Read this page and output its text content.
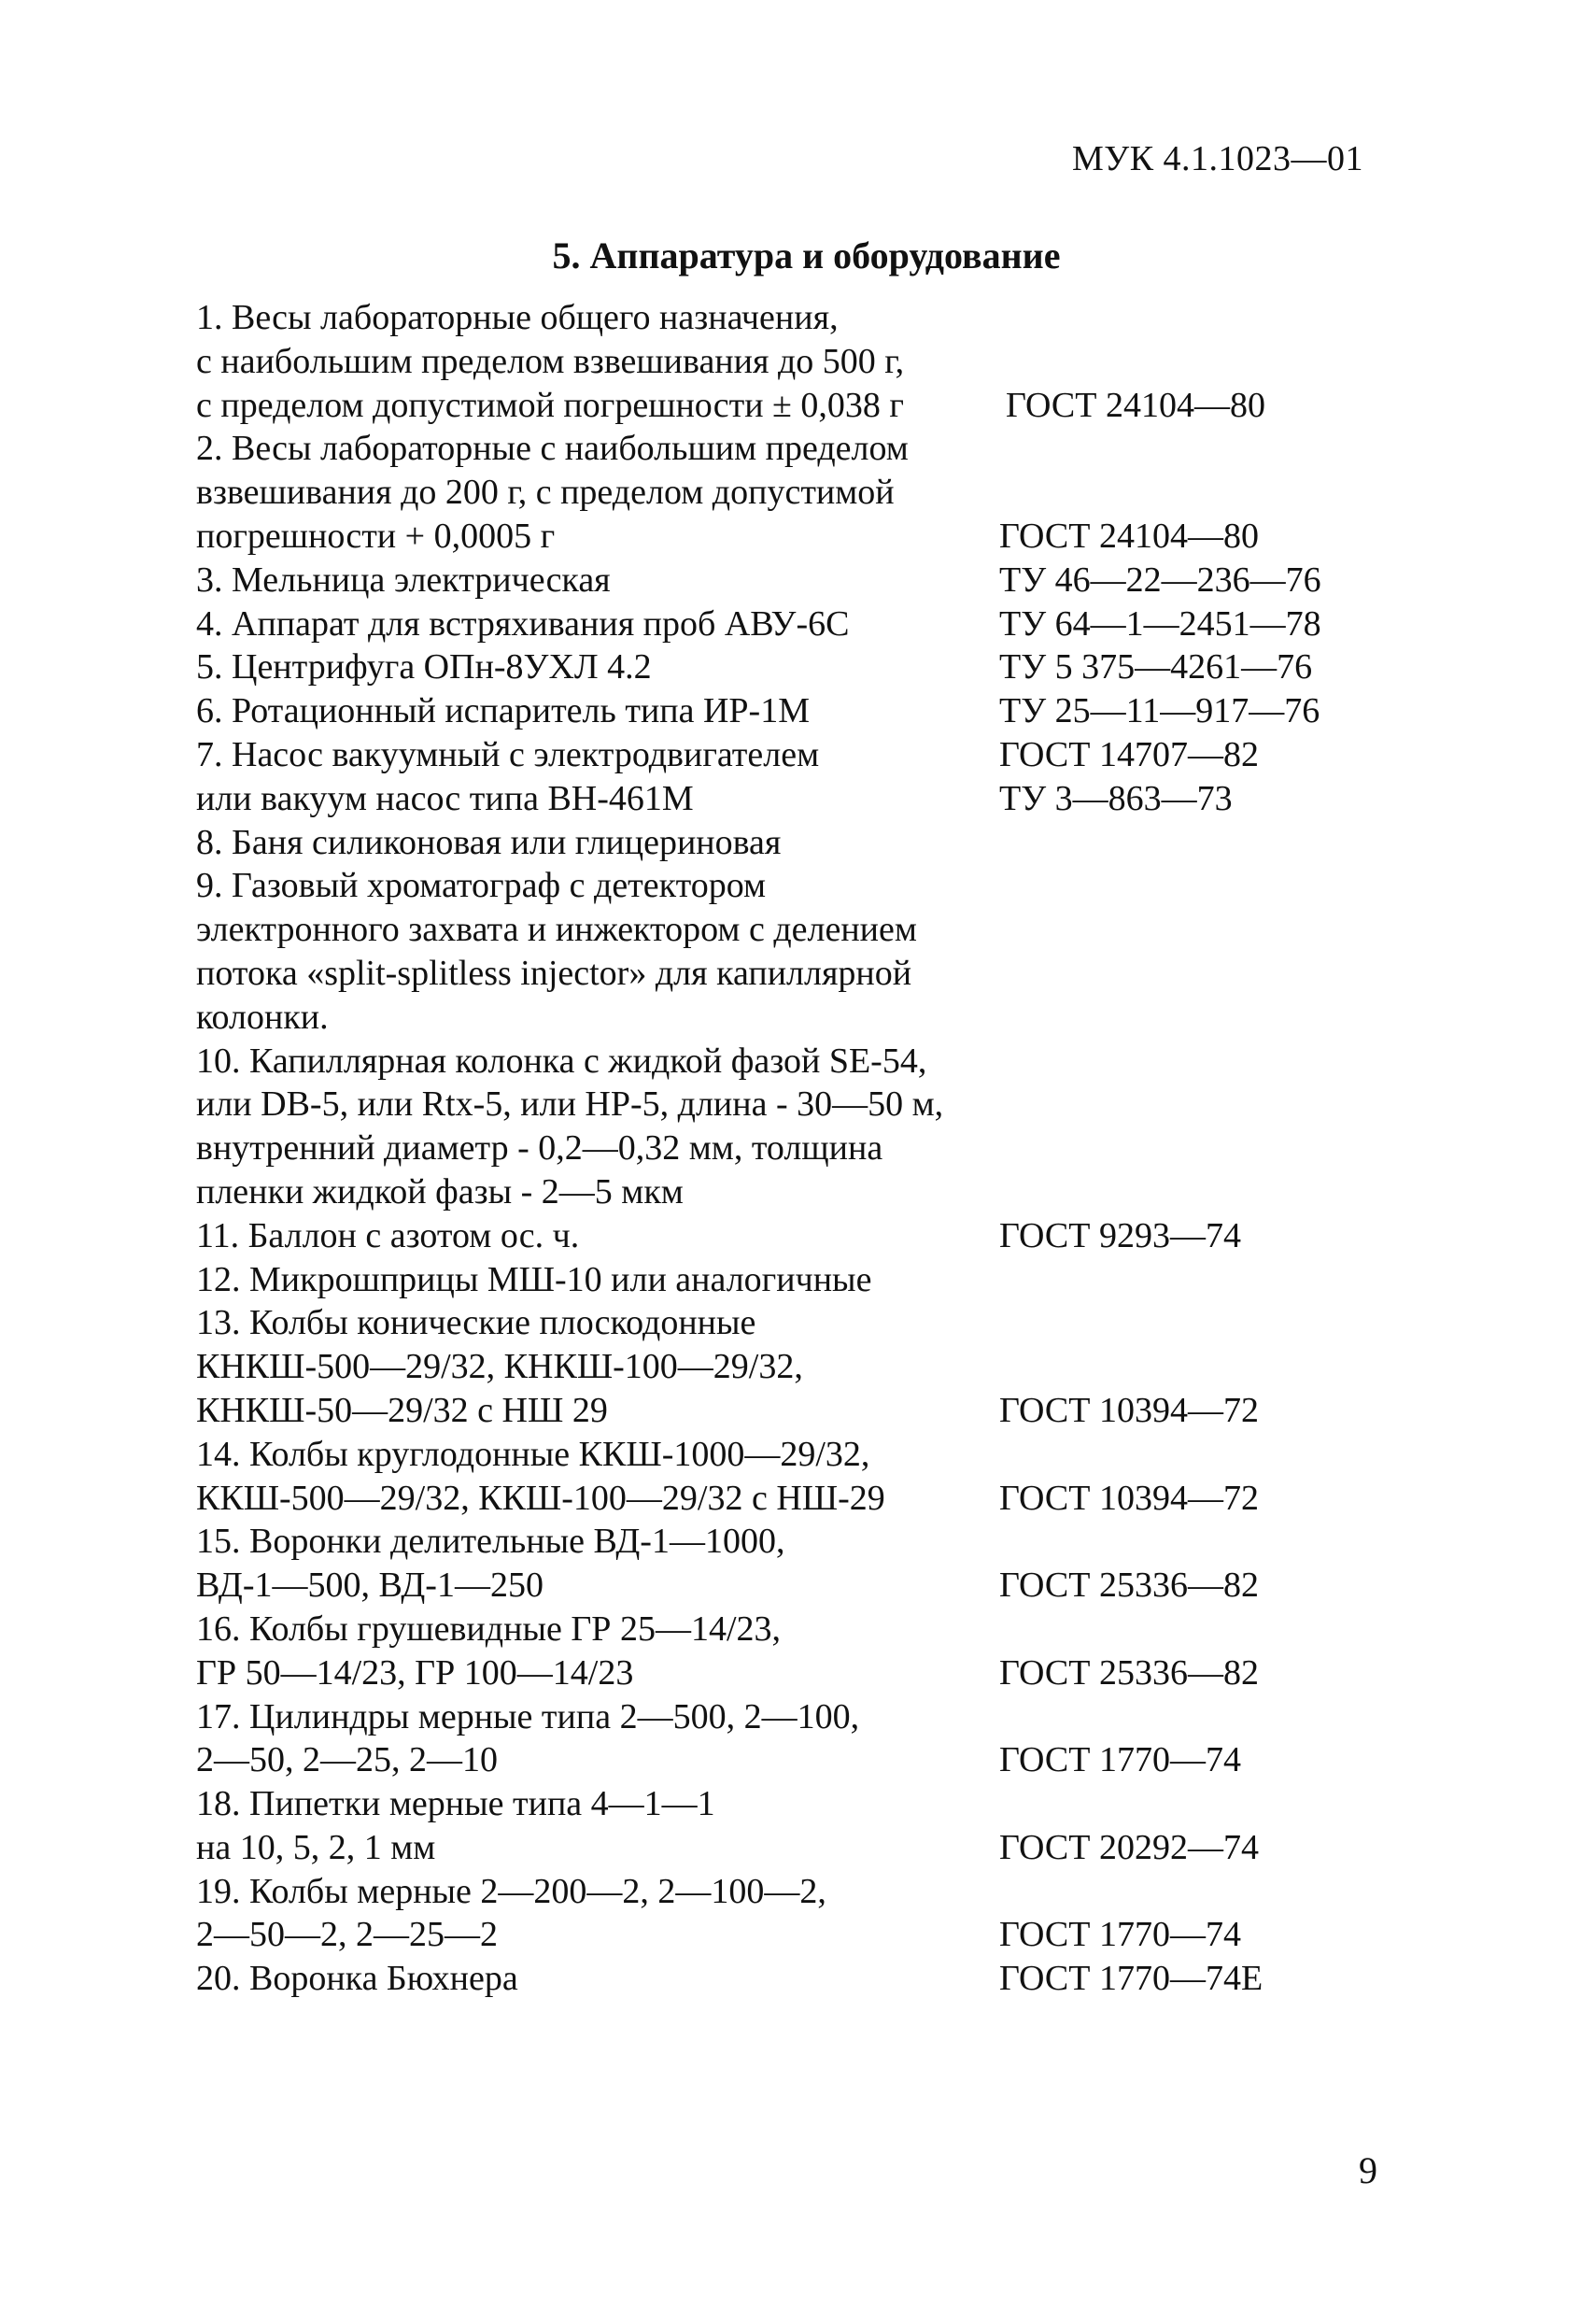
МУК 4.1.1023—01
5. Аппаратура и оборудование
1. Весы лабораторные общего назначения,
с наибольшим пределом взвешивания до 500 г,
с пределом допустимой погрешности ± 0,038 г	ГОСТ 24104—80
2. Весы лабораторные с наибольшим пределом
взвешивания до 200 г, с пределом допустимой
погрешности + 0,0005 г	ГОСТ 24104—80
3. Мельница электрическая	ТУ 46—22—236—76
4. Аппарат для встряхивания проб АВУ-6С	ТУ 64—1—2451—78
5. Центрифуга ОПн-8УХЛ 4.2	ТУ 5 375—4261—76
6. Ротационный испаритель типа ИР-1М	ТУ 25—11—917—76
7. Насос вакуумный с электродвигателем	ГОСТ 14707—82
или вакуум насос типа ВН-461М	ТУ 3—863—73
8. Баня силиконовая или глицериновая
9. Газовый хроматограф с детектором
электронного захвата и инжектором с делением
потока «split-splitless injector» для капиллярной
колонки.
10. Капиллярная колонка с жидкой фазой SE-54,
или DB-5, или Rtx-5, или HP-5, длина - 30—50 м,
внутренний диаметр - 0,2—0,32 мм, толщина
пленки жидкой фазы - 2—5 мкм
11. Баллон с азотом ос. ч.	ГОСТ 9293—74
12. Микрошприцы МШ-10 или аналогичные
13. Колбы конические плоскодонные
КНКШ-500—29/32, КНКШ-100—29/32,
КНКШ-50—29/32 с НШ 29	ГОСТ 10394—72
14. Колбы круглодонные ККШ-1000—29/32,
ККШ-500—29/32, ККШ-100—29/32 с НШ-29	ГОСТ 10394—72
15. Воронки делительные ВД-1—1000,
ВД-1—500, ВД-1—250	ГОСТ 25336—82
16. Колбы грушевидные ГР 25—14/23,
ГР 50—14/23, ГР 100—14/23	ГОСТ 25336—82
17. Цилиндры мерные типа 2—500, 2—100,
2—50, 2—25, 2—10	ГОСТ 1770—74
18. Пипетки мерные типа 4—1—1
на 10, 5, 2, 1 мм	ГОСТ 20292—74
19. Колбы мерные 2—200—2, 2—100—2,
2—50—2, 2—25—2	ГОСТ 1770—74
20. Воронка Бюхнера	ГОСТ 1770—74Е
9
